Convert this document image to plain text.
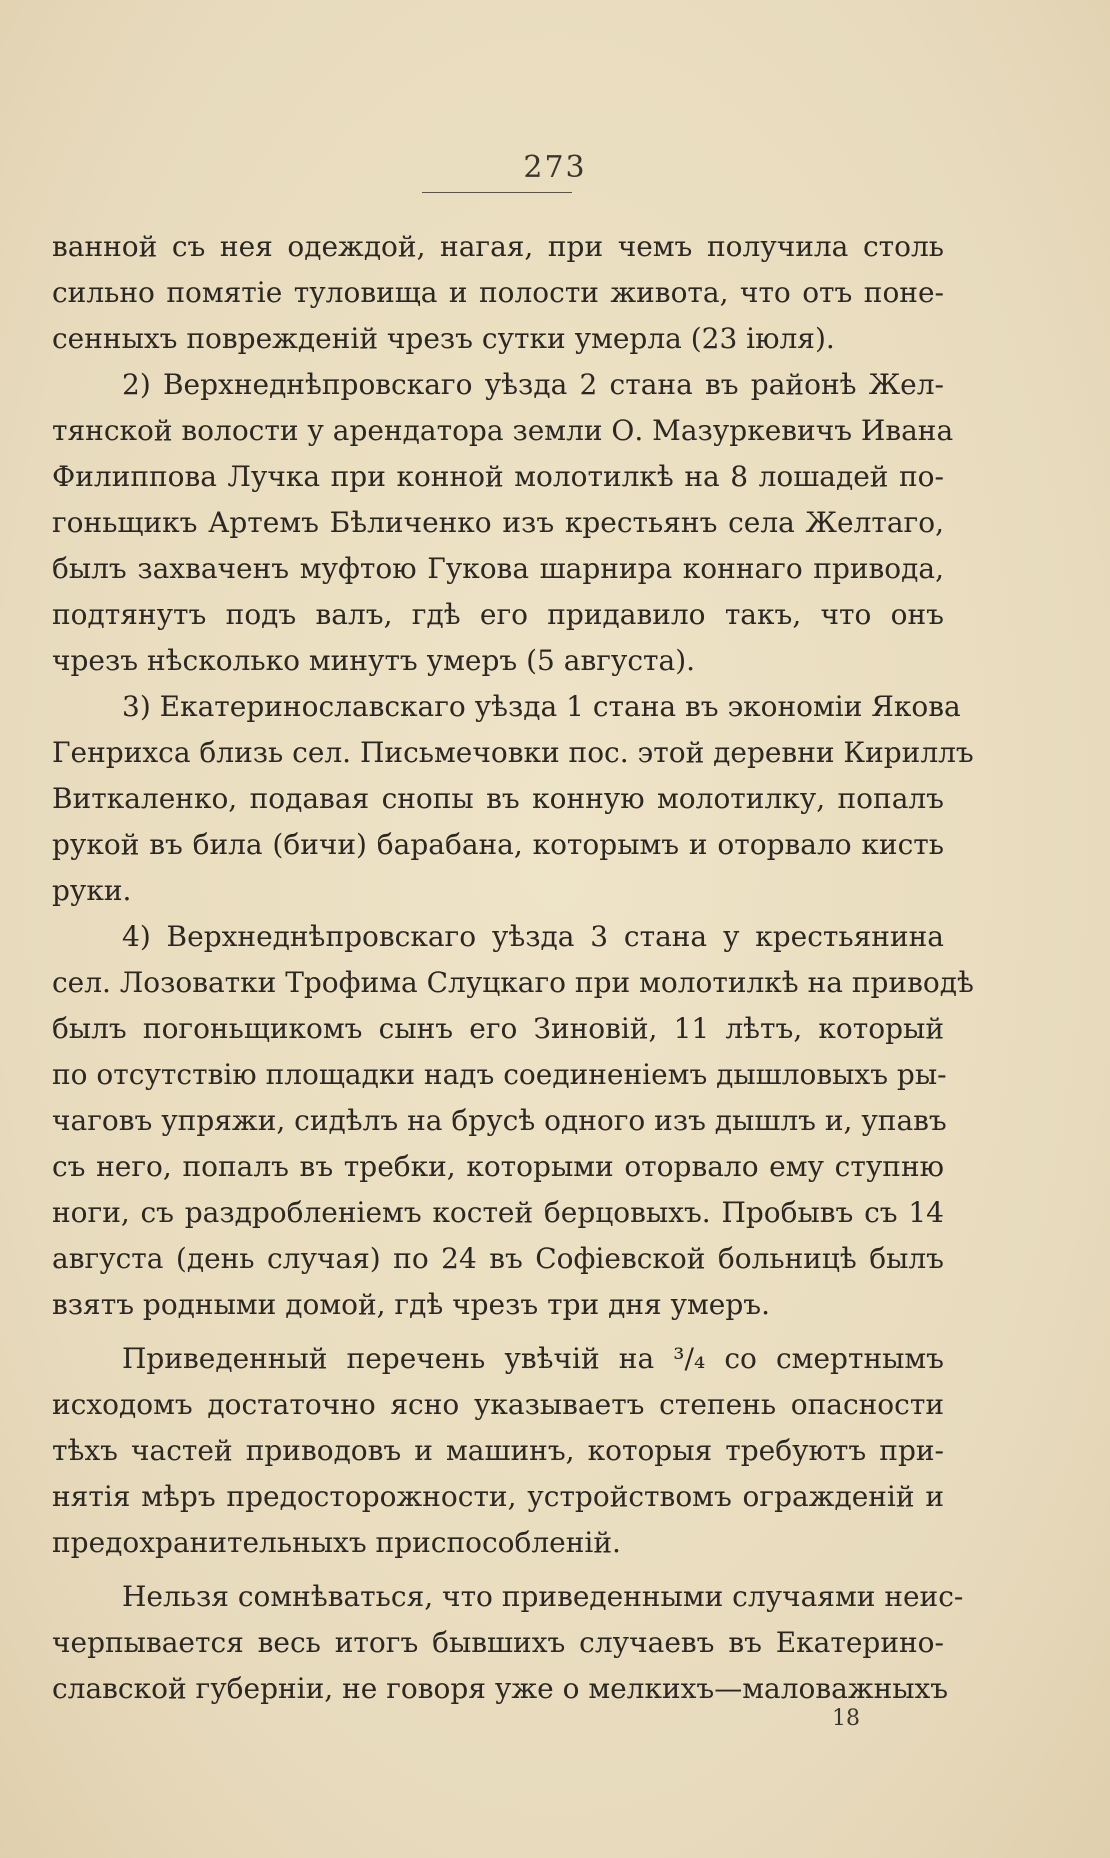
273
ванной съ нея одеждой, нагая, при чемъ получила столь
сильно помятіе туловища и полости живота, что отъ поне-
сенныхъ поврежденій чрезъ сутки умерла (23 іюля).
2) Верхнеднѣпровскаго уѣзда 2 стана въ районѣ Жел-
тянской волости у арендатора земли О. Мазуркевичъ Ивана
Филиппова Лучка при конной молотилкѣ на 8 лошадей по-
гоньщикъ Артемъ Бѣличенко изъ крестьянъ села Желтаго,
былъ захваченъ муфтою Гукова шарнира коннаго привода,
подтянутъ подъ валъ, гдѣ его придавило такъ, что онъ
чрезъ нѣсколько минутъ умеръ (5 августа).
3) Екатеринославскаго уѣзда 1 стана въ экономіи Якова
Генрихса близь сел. Письмечовки пос. этой деревни Кириллъ
Виткаленко, подавая снопы въ конную молотилку, попалъ
рукой въ била (бичи) барабана, которымъ и оторвало кисть
руки.
4) Верхнеднѣпровскаго уѣзда 3 стана у крестьянина
сел. Лозоватки Трофима Слуцкаго при молотилкѣ на приводѣ
былъ погоньщикомъ сынъ его Зиновій, 11 лѣтъ, который
по отсутствію площадки надъ соединеніемъ дышловыхъ ры-
чаговъ упряжи, сидѣлъ на брусѣ одного изъ дышлъ и, упавъ
съ него, попалъ въ требки, которыми оторвало ему ступню
ноги, съ раздробленіемъ костей берцовыхъ. Пробывъ съ 14
августа (день случая) по 24 въ Софіевской больницѣ былъ
взятъ родными домой, гдѣ чрезъ три дня умеръ.
Приведенный перечень увѣчій на ³/₄ со смертнымъ
исходомъ достаточно ясно указываетъ степень опасности
тѣхъ частей приводовъ и машинъ, которыя требуютъ при-
нятія мѣръ предосторожности, устройствомъ огражденій и
предохранительныхъ приспособленій.
Нельзя сомнѣваться, что приведенными случаями неис-
черпывается весь итогъ бывшихъ случаевъ въ Екатерино-
славской губерніи, не говоря уже о мелкихъ—маловажныхъ
18
